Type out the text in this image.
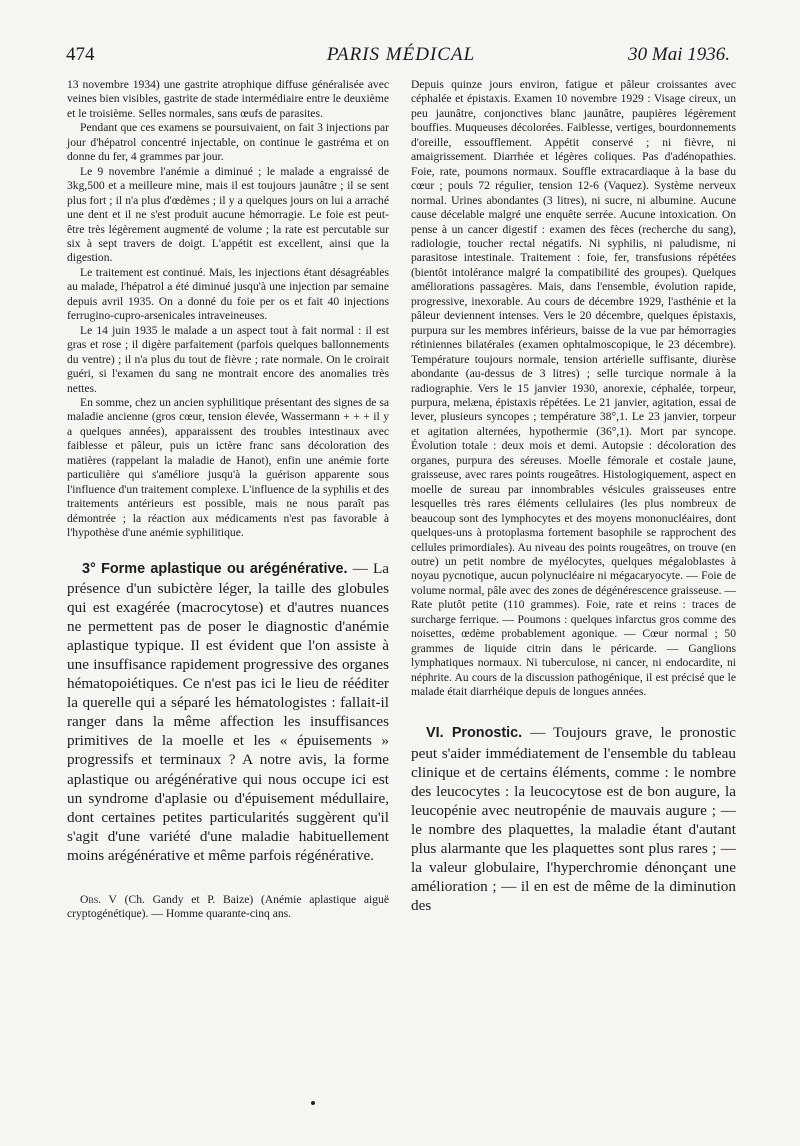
474	PARIS MÉDICAL	30 Mai 1936.

13 novembre 1934) une gastrite atrophique diffuse généralisée avec veines bien visibles, gastrite de stade intermédiaire entre le deuxième et le troisième. Selles normales, sans œufs de parasites.

Pendant que ces examens se poursuivaient, on fait 3 injections par jour d'hépatrol concentré injectable, on continue le gastréma et on donne du fer, 4 grammes par jour.

Le 9 novembre l'anémie a diminué ; le malade a engraissé de 3kg,500 et a meilleure mine, mais il est toujours jaunâtre ; il se sent plus fort ; il n'a plus d'œdèmes ; il y a quelques jours on lui a arraché une dent et il ne s'est produit aucune hémorragie. Le foie est peut-être très légèrement augmenté de volume ; la rate est percutable sur six à sept travers de doigt. L'appétit est excellent, ainsi que la digestion.

Le traitement est continué. Mais, les injections étant désagréables au malade, l'hépatrol a été diminué jusqu'à une injection par semaine depuis avril 1935. On a donné du foie per os et fait 40 injections ferrugino-cupro-arsenicales intraveineuses.

Le 14 juin 1935 le malade a un aspect tout à fait normal : il est gras et rose ; il digère parfaitement (parfois quelques ballonnements du ventre) ; il n'a plus du tout de fièvre ; rate normale. On le croirait guéri, si l'examen du sang ne montrait encore des anomalies très nettes.

En somme, chez un ancien syphilitique présentant des signes de sa maladie ancienne (gros cœur, tension élevée, Wassermann + + + il y a quelques années), apparaissent des troubles intestinaux avec faiblesse et pâleur, puis un ictère franc sans décoloration des matières (rappelant la maladie de Hanot), enfin une anémie forte particulière qui s'améliore jusqu'à la guérison apparente sous l'influence d'un traitement complexe. L'influence de la syphilis et des traitements antérieurs est possible, mais ne nous paraît pas démontrée ; la réaction aux médicaments n'est pas favorable à l'hypothèse d'une anémie syphilitique.

3° Forme aplastique ou arégénérative. — La présence d'un subictère léger, la taille des globules qui est exagérée (macrocytose) et d'autres nuances ne permettent pas de poser le diagnostic d'anémie aplastique typique. Il est évident que l'on assiste à une insuffisance rapidement progressive des organes hématopoiétiques. Ce n'est pas ici le lieu de rééditer la querelle qui a séparé les hématologistes : fallait-il ranger dans la même affection les insuffisances primitives de la moelle et les « épuisements » progressifs et terminaux ? A notre avis, la forme aplastique ou arégénérative qui nous occupe ici est un syndrome d'aplasie ou d'épuisement médullaire, dont certaines petites particularités suggèrent qu'il s'agit d'une variété d'une maladie habituellement moins arégénérative et même parfois régénérative.

Obs. V (Ch. Gandy et P. Baize) (Anémie aplastique aiguë cryptogénétique). — Homme quarante-cinq ans.

Depuis quinze jours environ, fatigue et pâleur croissantes avec céphalée et épistaxis. Examen 10 novembre 1929 : Visage cireux, un peu jaunâtre, conjonctives blanc jaunâtre, paupières légèrement bouffies. Muqueuses décolorées. Faiblesse, vertiges, bourdonnements d'oreille, essoufflement. Appétit conservé ; ni fièvre, ni amaigrissement. Diarrhée et légères coliques. Pas d'adénopathies. Foie, rate, poumons normaux. Souffle extracardiaque à la base du cœur ; pouls 72 régulier, tension 12-6 (Vaquez). Système nerveux normal. Urines abondantes (3 litres), ni sucre, ni albumine. Aucune cause décelable malgré une enquête serrée. Aucune intoxication. On pense à un cancer digestif : examen des fèces (recherche du sang), radiologie, toucher rectal négatifs. Ni syphilis, ni paludisme, ni parasitose intestinale. Traitement : foie, fer, transfusions répétées (bientôt intolérance malgré la compatibilité des groupes). Quelques améliorations passagères. Mais, dans l'ensemble, évolution rapide, progressive, inexorable. Au cours de décembre 1929, l'asthénie et la pâleur deviennent intenses. Vers le 20 décembre, quelques épistaxis, purpura sur les membres inférieurs, baisse de la vue par hémorragies rétiniennes bilatérales (examen ophtalmoscopique, le 23 décembre). Température toujours normale, tension artérielle suffisante, diurèse abondante (au-dessus de 3 litres) ; selle turcique normale à la radiographie. Vers le 15 janvier 1930, anorexie, céphalée, torpeur, purpura, melæna, épistaxis répétées. Le 21 janvier, agitation, essai de lever, plusieurs syncopes ; température 38°,1. Le 23 janvier, torpeur et agitation alternées, hypothermie (36°,1). Mort par syncope. Évolution totale : deux mois et demi. Autopsie : décoloration des organes, purpura des séreuses. Moelle fémorale et costale jaune, graisseuse, avec rares points rougeâtres. Histologiquement, aspect en moelle de sureau par innombrables vésicules graisseuses entre lesquelles très rares éléments cellulaires (les plus nombreux de beaucoup sont des lymphocytes et des moyens mononucléaires, dont quelques-uns à protoplasma fortement basophile se rapprochent des cellules primordiales). Au niveau des points rougeâtres, on trouve (en outre) un petit nombre de myélocytes, quelques mégaloblastes à noyau pycnotique, aucun polynucléaire ni mégacaryocyte. — Foie de volume normal, pâle avec des zones de dégénérescence graisseuse. — Rate plutôt petite (110 grammes). Foie, rate et reins : traces de surcharge ferrique. — Poumons : quelques infarctus gros comme des noisettes, œdème probablement agonique. — Cœur normal ; 50 grammes de liquide citrin dans le péricarde. — Ganglions lymphatiques normaux. Ni tuberculose, ni cancer, ni endocardite, ni néphrite. Au cours de la discussion pathogénique, il est précisé que le malade était diarrhéique depuis de longues années.

VI. Pronostic. — Toujours grave, le pronostic peut s'aider immédiatement de l'ensemble du tableau clinique et de certains éléments, comme : le nombre des leucocytes : la leucocytose est de bon augure, la leucopénie avec neutropénie de mauvais augure ; — le nombre des plaquettes, la maladie étant d'autant plus alarmante que les plaquettes sont plus rares ; — la valeur globulaire, l'hyperchromie dénonçant une amélioration ; — il en est de même de la diminution des
